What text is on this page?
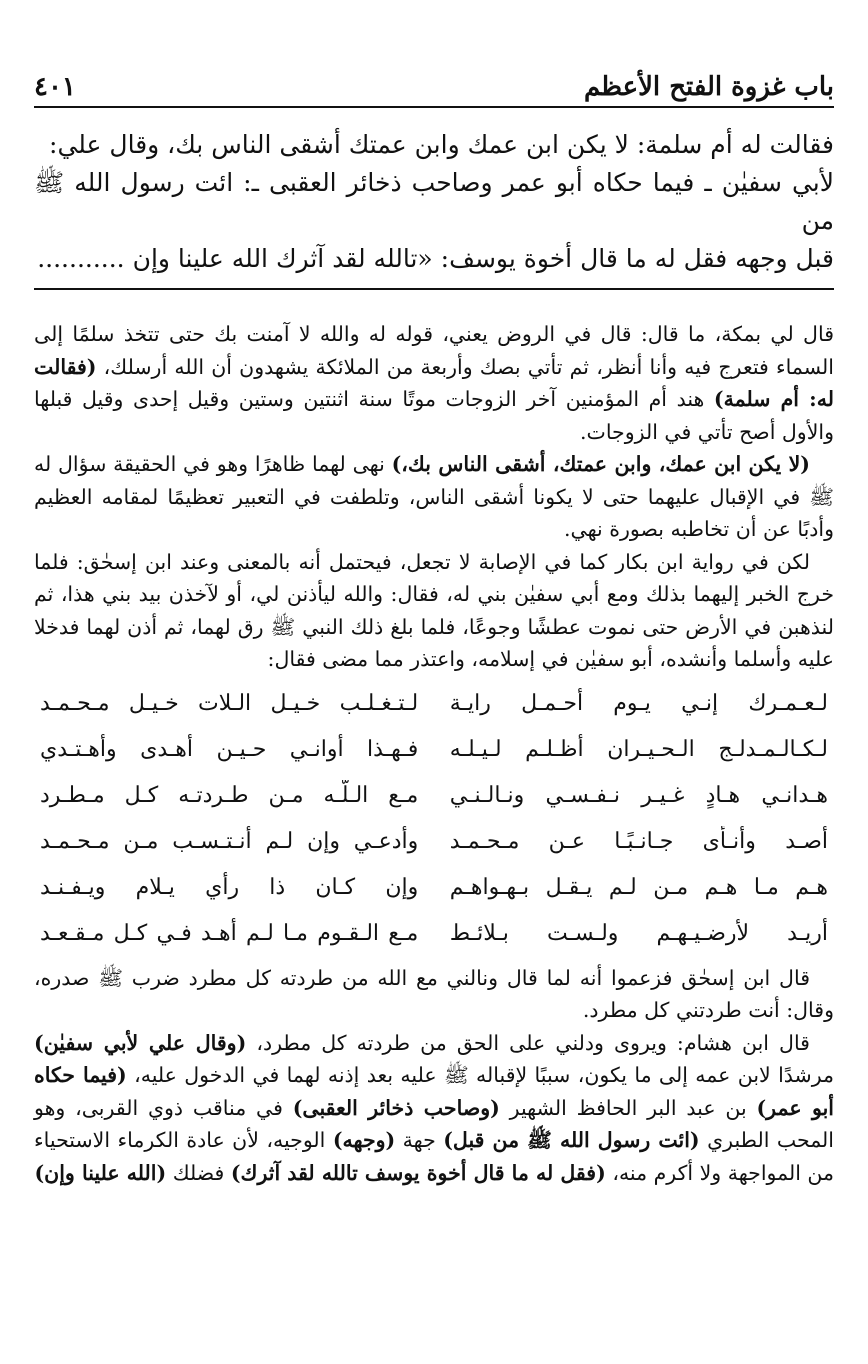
باب غزوة الفتح الأعظم
٤٠١

فقالت له أم سلمة: لا يكن ابن عمك وابن عمتك أشقى الناس بك، وقال علي:

لأبي سفيٰن ـ فيما حكاه أبو عمر وصاحب ذخائر العقبى ـ: ائت رسول الله ﷺ من

قبل وجهه فقل له ما قال أخوة يوسف: «تالله لقد آثرك الله علينا وإن ...........

قال لي بمكة، ما قال: قال في الروض يعني، قوله له والله لا آمنت بك حتى تتخذ سلمًا إلى السماء فتعرج فيه وأنا أنظر، ثم تأتي بصك وأربعة من الملائكة يشهدون أن الله أرسلك، (فقالت له: أم سلمة) هند أم المؤمنين آخر الزوجات موتًا سنة اثنتين وستين وقيل إحدى وقيل قبلها والأول أصح تأتي في الزوجات.

(لا يكن ابن عمك، وابن عمتك، أشقى الناس بك،) نهى لهما ظاهرًا وهو في الحقيقة سؤال له ﷺ في الإقبال عليهما حتى لا يكونا أشقى الناس، وتلطفت في التعبير تعظيمًا لمقامه العظيم وأدبًا عن أن تخاطبه بصورة نهي.

لكن في رواية ابن بكار كما في الإصابة لا تجعل، فيحتمل أنه بالمعنى وعند ابن إسحٰق: فلما خرج الخبر إليهما بذلك ومع أبي سفيٰن بني له، فقال: والله ليأذنن لي، أو لآخذن بيد بني هذا، ثم لنذهبن في الأرض حتى نموت عطشًا وجوعًا، فلما بلغ ذلك النبي ﷺ رق لهما، ثم أذن لهما فدخلا عليه وأسلما وأنشده، أبو سفيٰن في إسلامه، واعتذر مما مضى فقال:

لـعـمـرك إنـي يـوم أحـمـل رايـة
لـتـغـلـب خـيـل الـلات خـيـل مـحـمـد
لـكـالـمـدلـج الـحـيـران أظـلـم لـيـلـه
فـهـذا أوانـي حـيـن أهـدى وأهـتـدي
هـدانـي هـادٍ غـيـر نـفـسـي ونـالـنـي
مـع الـلّـه مـن طـردتـه كـل مـطـرد
أصـد وأنـأى جـانـبًـا عـن مـحـمـد
وأدعـي وإن لـم أنـتـسـب مـن مـحـمـد
هـم مـا هـم مـن لـم يـقـل بـهـواهـم
وإن كـان ذا رأي يـلام ويـفـنـد
أريـد لأرضـيـهـم ولـسـت بـلائـط
مـع الـقـوم مـا لـم أهـد فـي كـل مـقـعـد

قال ابن إسحٰق فزعموا أنه لما قال ونالني مع الله من طردته كل مطرد ضرب ﷺ صدره، وقال: أنت طردتني كل مطرد.

قال ابن هشام: ويروى ودلني على الحق من طردته كل مطرد، (وقال علي لأبي سفيٰن) مرشدًا لابن عمه إلى ما يكون، سببًا لإقباله ﷺ عليه بعد إذنه لهما في الدخول عليه، (فيما حكاه أبو عمر) بن عبد البر الحافظ الشهير (وصاحب ذخائر العقبى) في مناقب ذوي القربى، وهو المحب الطبري (ائت رسول الله ﷺ من قبل) جهة (وجهه) الوجيه، لأن عادة الكرماء الاستحياء من المواجهة ولا أكرم منه، (فقل له ما قال أخوة يوسف تالله لقد آثرك) فضلك (الله علينا وإن)
